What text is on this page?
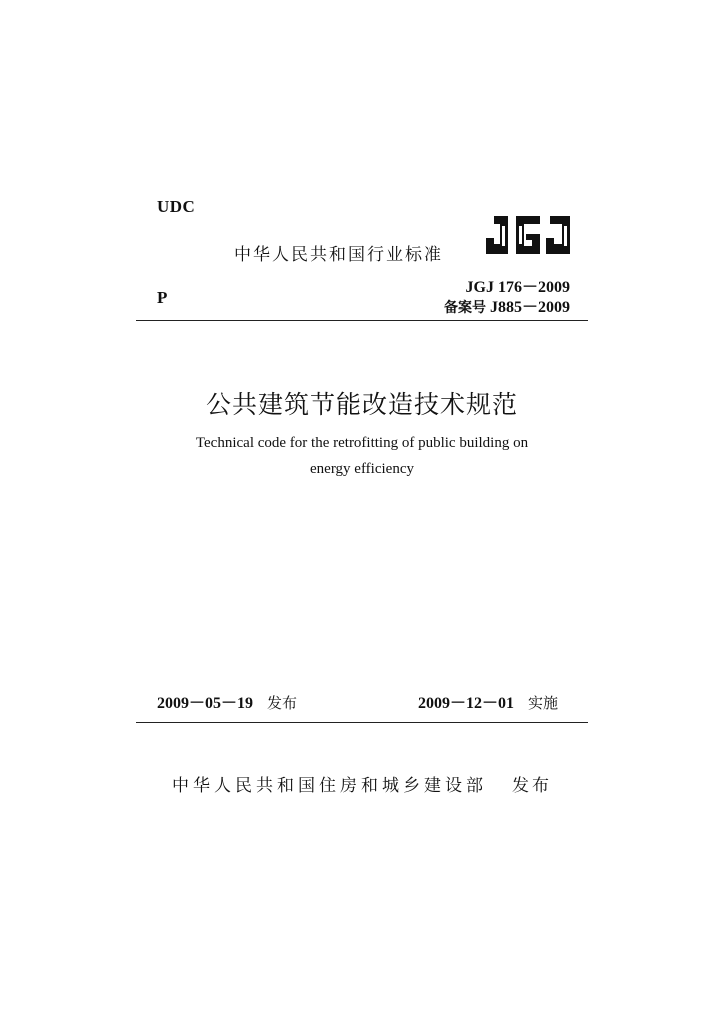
UDC
中华人民共和国行业标准
JGJ 176－2009
备案号 J885－2009
P
公共建筑节能改造技术规范
Technical code for the retrofitting of public building on
energy efficiency
2009－05－19 发布	2009－12－01 实施
中华人民共和国住房和城乡建设部 发布
